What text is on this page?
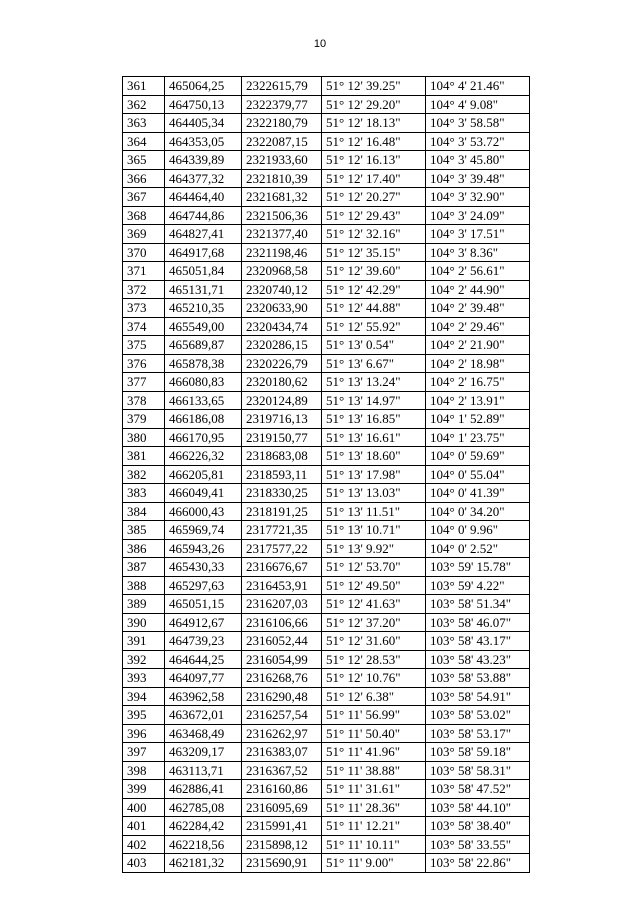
10
361	465064,25	2322615,79	51° 12' 39.25"	104° 4' 21.46"
362	464750,13	2322379,77	51° 12' 29.20"	104° 4' 9.08"
363	464405,34	2322180,79	51° 12' 18.13"	104° 3' 58.58"
364	464353,05	2322087,15	51° 12' 16.48"	104° 3' 53.72"
365	464339,89	2321933,60	51° 12' 16.13"	104° 3' 45.80"
366	464377,32	2321810,39	51° 12' 17.40"	104° 3' 39.48"
367	464464,40	2321681,32	51° 12' 20.27"	104° 3' 32.90"
368	464744,86	2321506,36	51° 12' 29.43"	104° 3' 24.09"
369	464827,41	2321377,40	51° 12' 32.16"	104° 3' 17.51"
370	464917,68	2321198,46	51° 12' 35.15"	104° 3' 8.36"
371	465051,84	2320968,58	51° 12' 39.60"	104° 2' 56.61"
372	465131,71	2320740,12	51° 12' 42.29"	104° 2' 44.90"
373	465210,35	2320633,90	51° 12' 44.88"	104° 2' 39.48"
374	465549,00	2320434,74	51° 12' 55.92"	104° 2' 29.46"
375	465689,87	2320286,15	51° 13' 0.54"	104° 2' 21.90"
376	465878,38	2320226,79	51° 13' 6.67"	104° 2' 18.98"
377	466080,83	2320180,62	51° 13' 13.24"	104° 2' 16.75"
378	466133,65	2320124,89	51° 13' 14.97"	104° 2' 13.91"
379	466186,08	2319716,13	51° 13' 16.85"	104° 1' 52.89"
380	466170,95	2319150,77	51° 13' 16.61"	104° 1' 23.75"
381	466226,32	2318683,08	51° 13' 18.60"	104° 0' 59.69"
382	466205,81	2318593,11	51° 13' 17.98"	104° 0' 55.04"
383	466049,41	2318330,25	51° 13' 13.03"	104° 0' 41.39"
384	466000,43	2318191,25	51° 13' 11.51"	104° 0' 34.20"
385	465969,74	2317721,35	51° 13' 10.71"	104° 0' 9.96"
386	465943,26	2317577,22	51° 13' 9.92"	104° 0' 2.52"
387	465430,33	2316676,67	51° 12' 53.70"	103° 59' 15.78"
388	465297,63	2316453,91	51° 12' 49.50"	103° 59' 4.22"
389	465051,15	2316207,03	51° 12' 41.63"	103° 58' 51.34"
390	464912,67	2316106,66	51° 12' 37.20"	103° 58' 46.07"
391	464739,23	2316052,44	51° 12' 31.60"	103° 58' 43.17"
392	464644,25	2316054,99	51° 12' 28.53"	103° 58' 43.23"
393	464097,77	2316268,76	51° 12' 10.76"	103° 58' 53.88"
394	463962,58	2316290,48	51° 12' 6.38"	103° 58' 54.91"
395	463672,01	2316257,54	51° 11' 56.99"	103° 58' 53.02"
396	463468,49	2316262,97	51° 11' 50.40"	103° 58' 53.17"
397	463209,17	2316383,07	51° 11' 41.96"	103° 58' 59.18"
398	463113,71	2316367,52	51° 11' 38.88"	103° 58' 58.31"
399	462886,41	2316160,86	51° 11' 31.61"	103° 58' 47.52"
400	462785,08	2316095,69	51° 11' 28.36"	103° 58' 44.10"
401	462284,42	2315991,41	51° 11' 12.21"	103° 58' 38.40"
402	462218,56	2315898,12	51° 11' 10.11"	103° 58' 33.55"
403	462181,32	2315690,91	51° 11' 9.00"	103° 58' 22.86"
